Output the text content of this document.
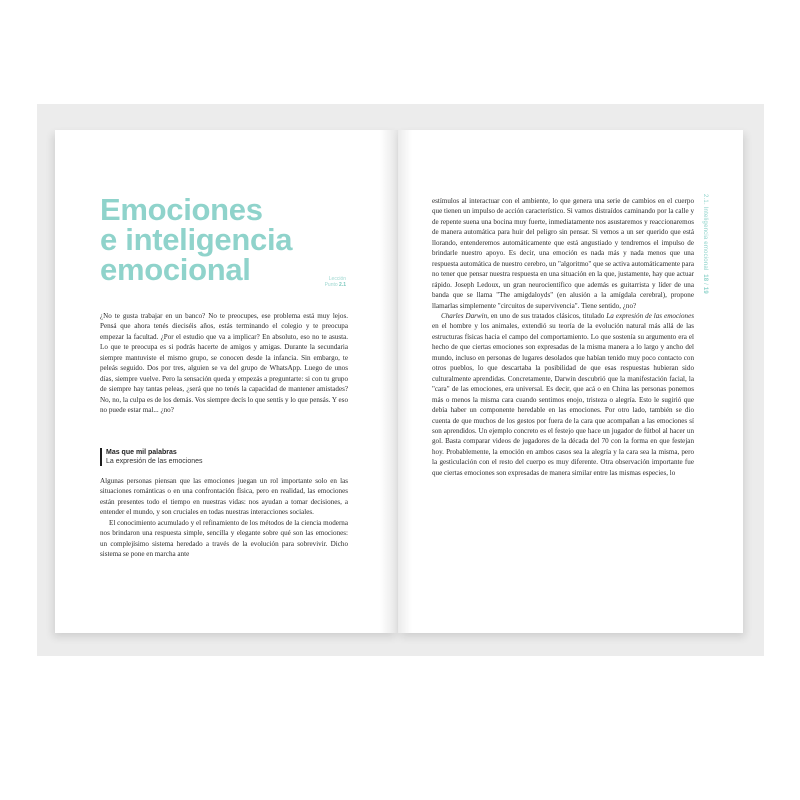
Emociones
e inteligencia
emocional	Lección
Punto 2.1

¿No te gusta trabajar en un banco? No te preocupes, ese problema está muy lejos. Pensá que ahora tenés dieciséis años, estás terminando el colegio y te preocupa empezar la facultad. ¿Por el estudio que va a implicar? En absoluto, eso no te asusta. Lo que te preocupa es si podrás hacerte de amigos y amigas. Durante la secundaria siempre mantuviste el mismo grupo, se conocen desde la infancia. Sin embargo, te peleás seguido. Dos por tres, alguien se va del grupo de WhatsApp. Luego de unos días, siempre vuelve. Pero la sensación queda y empezás a preguntarte: si con tu grupo de siempre hay tantas peleas, ¿será que no tenés la capacidad de mantener amistades? No, no, la culpa es de los demás. Vos siempre decís lo que sentís y lo que pensás. Y eso no puede estar mal... ¿no?

Mas que mil palabras
La expresión de las emociones

Algunas personas piensan que las emociones juegan un rol importante solo en las situaciones románticas o en una confrontación física, pero en realidad, las emociones están presentes todo el tiempo en nuestras vidas: nos ayudan a tomar decisiones, a entender el mundo, y son cruciales en todas nuestras interacciones sociales.

El conocimiento acumulado y el refinamiento de los métodos de la ciencia moderna nos brindaron una respuesta simple, sencilla y elegante sobre qué son las emociones: un complejísimo sistema heredado a través de la evolución para sobrevivir. Dicho sistema se pone en marcha ante

estímulos al interactuar con el ambiente, lo que genera una serie de cambios en el cuerpo que tienen un impulso de acción característico. Si vamos distraídos caminando por la calle y de repente suena una bocina muy fuerte, inmediatamente nos asustaremos y reaccionaremos de manera automática para huir del peligro sin pensar. Si vemos a un ser querido que está llorando, entenderemos automáticamente que está angustiado y tendremos el impulso de brindarle nuestro apoyo. Es decir, una emoción es nada más y nada menos que una respuesta automática de nuestro cerebro, un "algoritmo" que se activa automáticamente para no tener que pensar nuestra respuesta en una situación en la que, justamente, hay que actuar rápido. Joseph Ledoux, un gran neurocientífico que además es guitarrista y líder de una banda que se llama "The amigdaloyds" (en alusión a la amígdala cerebral), propone llamarlas simplemente "circuitos de supervivencia". Tiene sentido, ¿no?

Charles Darwin, en uno de sus tratados clásicos, titulado La expresión de las emociones en el hombre y los animales, extendió su teoría de la evolución natural más allá de las estructuras físicas hacia el campo del comportamiento. Lo que sostenía su argumento era el hecho de que ciertas emociones son expresadas de la misma manera a lo largo y ancho del mundo, incluso en personas de lugares desolados que habían tenido muy poco contacto con otros pueblos, lo que descartaba la posibilidad de que esas respuestas hubieran sido culturalmente aprendidas. Concretamente, Darwin descubrió que la manifestación facial, la "cara" de las emociones, era universal. Es decir, que acá o en China las personas ponemos más o menos la misma cara cuando sentimos enojo, tristeza o alegría. Esto le sugirió que debía haber un componente heredable en las emociones. Por otro lado, también se dio cuenta de que muchos de los gestos por fuera de la cara que acompañan a las emociones sí son aprendidos. Un ejemplo concreto es el festejo que hace un jugador de fútbol al hacer un gol. Basta comparar videos de jugadores de la década del 70 con la forma en que festejan hoy. Probablemente, la emoción en ambos casos sea la alegría y la cara sea la misma, pero la gesticulación con el resto del cuerpo es muy diferente. Otra observación importante fue que ciertas emociones son expresadas de manera similar entre las mismas especies, lo

2.1. Inteligencia emocional  18 / 19
